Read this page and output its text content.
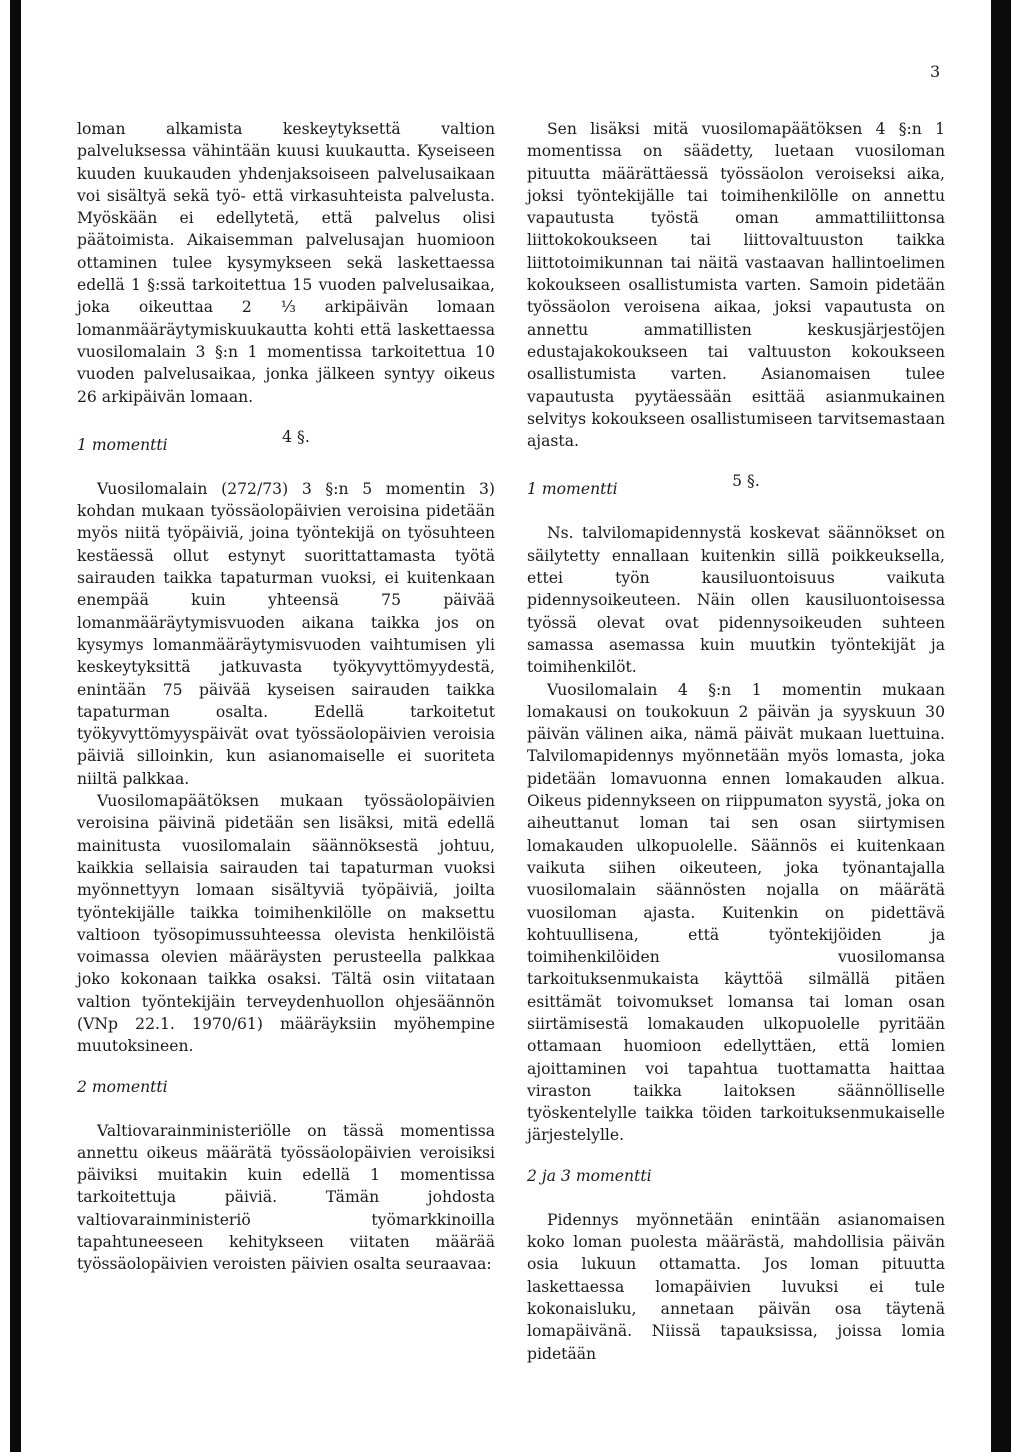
3

loman alkamista keskeytyksettä valtion palveluksessa vähintään kuusi kuukautta. Kyseiseen kuuden kuukauden yhdenjaksoiseen palvelusaikaan voi sisältyä sekä työ- että virkasuhteista palvelusta. Myöskään ei edellytetä, että palvelus olisi päätoimista. Aikaisemman palvelusajan huomioon ottaminen tulee kysymykseen sekä laskettaessa edellä 1 §:ssä tarkoitettua 15 vuoden palvelusaikaa, joka oikeuttaa 2 ⅓ arkipäivän lomaan lomanmääräytymiskuukautta kohti että laskettaessa vuosilomalain 3 §:n 1 momentissa tarkoitettua 10 vuoden palvelusaikaa, jonka jälkeen syntyy oikeus 26 arkipäivän lomaan.

4 §.
1 momentti

Vuosilomalain (272/73) 3 §:n 5 momentin 3) kohdan mukaan työssäolopäivien veroisina pidetään myös niitä työpäiviä, joina työntekijä on työsuhteen kestäessä ollut estynyt suorittattamasta työtä sairauden taikka tapaturman vuoksi, ei kuitenkaan enempää kuin yhteensä 75 päivää lomanmääräytymisvuoden aikana taikka jos on kysymys lomanmääräytymisvuoden vaihtumisen yli keskeytyksittä jatkuvasta työkyvyttömyydestä, enintään 75 päivää kyseisen sairauden taikka tapaturman osalta. Edellä tarkoitetut työkyvyttömyyspäivät ovat työssäolopäivien veroisia päiviä silloinkin, kun asianomaiselle ei suoriteta niiltä palkkaa.

Vuosilomapäätöksen mukaan työssäolopäivien veroisina päivinä pidetään sen lisäksi, mitä edellä mainitusta vuosilomalain säännöksestä johtuu, kaikkia sellaisia sairauden tai tapaturman vuoksi myönnettyyn lomaan sisältyviä työpäiviä, joilta työntekijälle taikka toimihenkilölle on maksettu valtioon työsopimussuhteessa olevista henkilöistä voimassa olevien määräysten perusteella palkkaa joko kokonaan taikka osaksi. Tältä osin viitataan valtion työntekijäin terveydenhuollon ohjesäännön (VNp 22.1. 1970/61) määräyksiin myöhempine muutoksineen.

2 momentti

Valtiovarainministeriölle on tässä momentissa annettu oikeus määrätä työssäolopäivien veroisiksi päiviksi muitakin kuin edellä 1 momentissa tarkoitettuja päiviä. Tämän johdosta valtiovarainministeriö työmarkkinoilla tapahtuneeseen kehitykseen viitaten määrää työssäolopäivien veroisten päivien osalta seuraavaa:

Sen lisäksi mitä vuosilomapäätöksen 4 §:n 1 momentissa on säädetty, luetaan vuosiloman pituutta määrättäessä työssäolon veroiseksi aika, joksi työntekijälle tai toimihenkilölle on annettu vapautusta työstä oman ammattiliittonsa liittokokoukseen tai liittovaltuuston taikka liittotoimikunnan tai näitä vastaavan hallintoelimen kokoukseen osallistumista varten. Samoin pidetään työssäolon veroisena aikaa, joksi vapautusta on annettu ammatillisten keskusjärjestöjen edustajakokoukseen tai valtuuston kokoukseen osallistumista varten. Asianomaisen tulee vapautusta pyytäessään esittää asianmukainen selvitys kokoukseen osallistumiseen tarvitsemastaan ajasta.

5 §.
1 momentti

Ns. talvilomapidennystä koskevat säännökset on säilytetty ennallaan kuitenkin sillä poikkeuksella, ettei työn kausiluontoisuus vaikuta pidennysoikeuteen. Näin ollen kausiluontoisessa työssä olevat ovat pidennysoikeuden suhteen samassa asemassa kuin muutkin työntekijät ja toimihenkilöt.

Vuosilomalain 4 §:n 1 momentin mukaan lomakausi on toukokuun 2 päivän ja syyskuun 30 päivän välinen aika, nämä päivät mukaan luettuina. Talvilomapidennys myönnetään myös lomasta, joka pidetään lomavuonna ennen lomakauden alkua. Oikeus pidennykseen on riippumaton syystä, joka on aiheuttanut loman tai sen osan siirtymisen lomakauden ulkopuolelle. Säännös ei kuitenkaan vaikuta siihen oikeuteen, joka työnantajalla vuosilomalain säännösten nojalla on määrätä vuosiloman ajasta. Kuitenkin on pidettävä kohtuullisena, että työntekijöiden ja toimihenkilöiden vuosilomansa tarkoituksenmukaista käyttöä silmällä pitäen esittämät toivomukset lomansa tai loman osan siirtämisestä lomakauden ulkopuolelle pyritään ottamaan huomioon edellyttäen, että lomien ajoittaminen voi tapahtua tuottamatta haittaa viraston taikka laitoksen säännölliselle työskentelylle taikka töiden tarkoituksenmukaiselle järjestelylle.

2 ja 3 momentti

Pidennys myönnetään enintään asianomaisen koko loman puolesta määrästä, mahdollisia päivän osia lukuun ottamatta. Jos loman pituutta laskettaessa lomapäivien luvuksi ei tule kokonaisluku, annetaan päivän osa täytenä lomapäivänä. Niissä tapauksissa, joissa lomia pidetään
